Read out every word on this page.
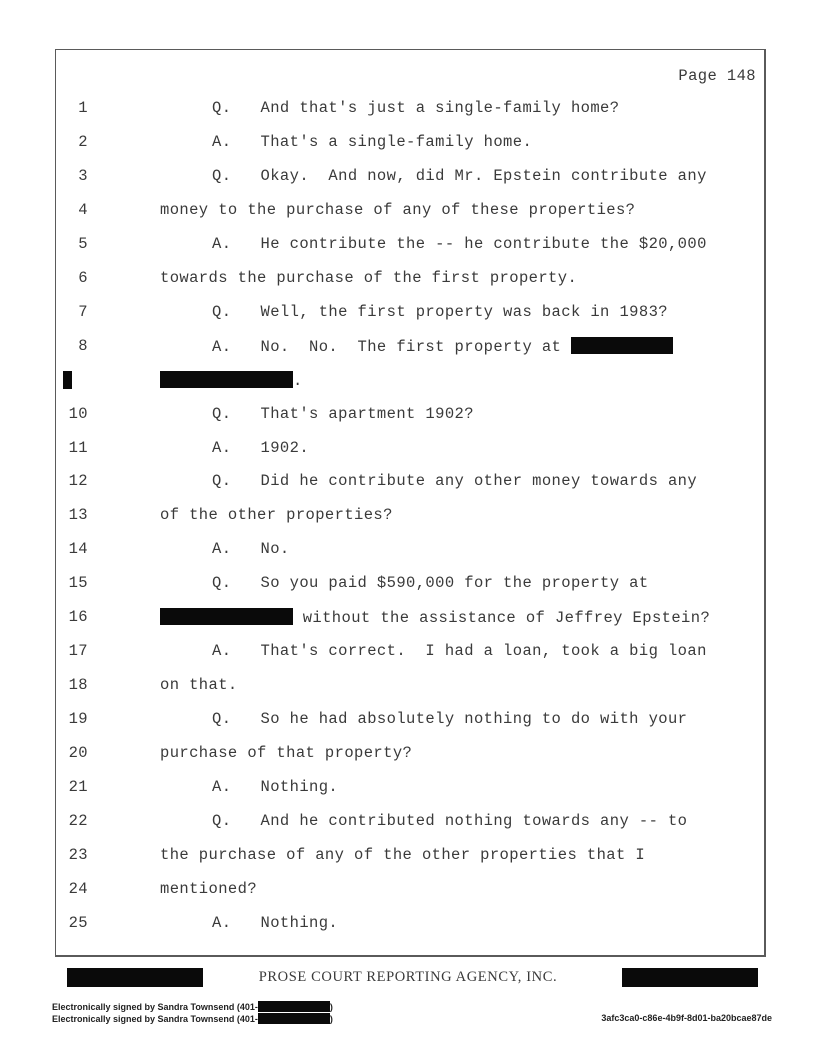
Page 148
1	Q.   And that's just a single-family home?
2	A.   That's a single-family home.
3	Q.   Okay.  And now, did Mr. Epstein contribute any
4	money to the purchase of any of these properties?
5	A.   He contribute the -- he contribute the $20,000
6	towards the purchase of the first property.
7	Q.   Well, the first property was back in 1983?
8	A.   No.  No.  The first property at
.
10	Q.   That's apartment 1902?
11	A.   1902.
12	Q.   Did he contribute any other money towards any
13	of the other properties?
14	A.   No.
15	Q.   So you paid $590,000 for the property at
16	without the assistance of Jeffrey Epstein?
17	A.   That's correct.  I had a loan, took a big loan
18	on that.
19	Q.   So he had absolutely nothing to do with your
20	purchase of that property?
21	A.   Nothing.
22	Q.   And he contributed nothing towards any -- to
23	the purchase of any of the other properties that I
24	mentioned?
25	A.   Nothing.
PROSE COURT REPORTING AGENCY, INC.
Electronically signed by Sandra Townsend (401-	)
Electronically signed by Sandra Townsend (401-	)	3afc3ca0-c86e-4b9f-8d01-ba20bcae87de
